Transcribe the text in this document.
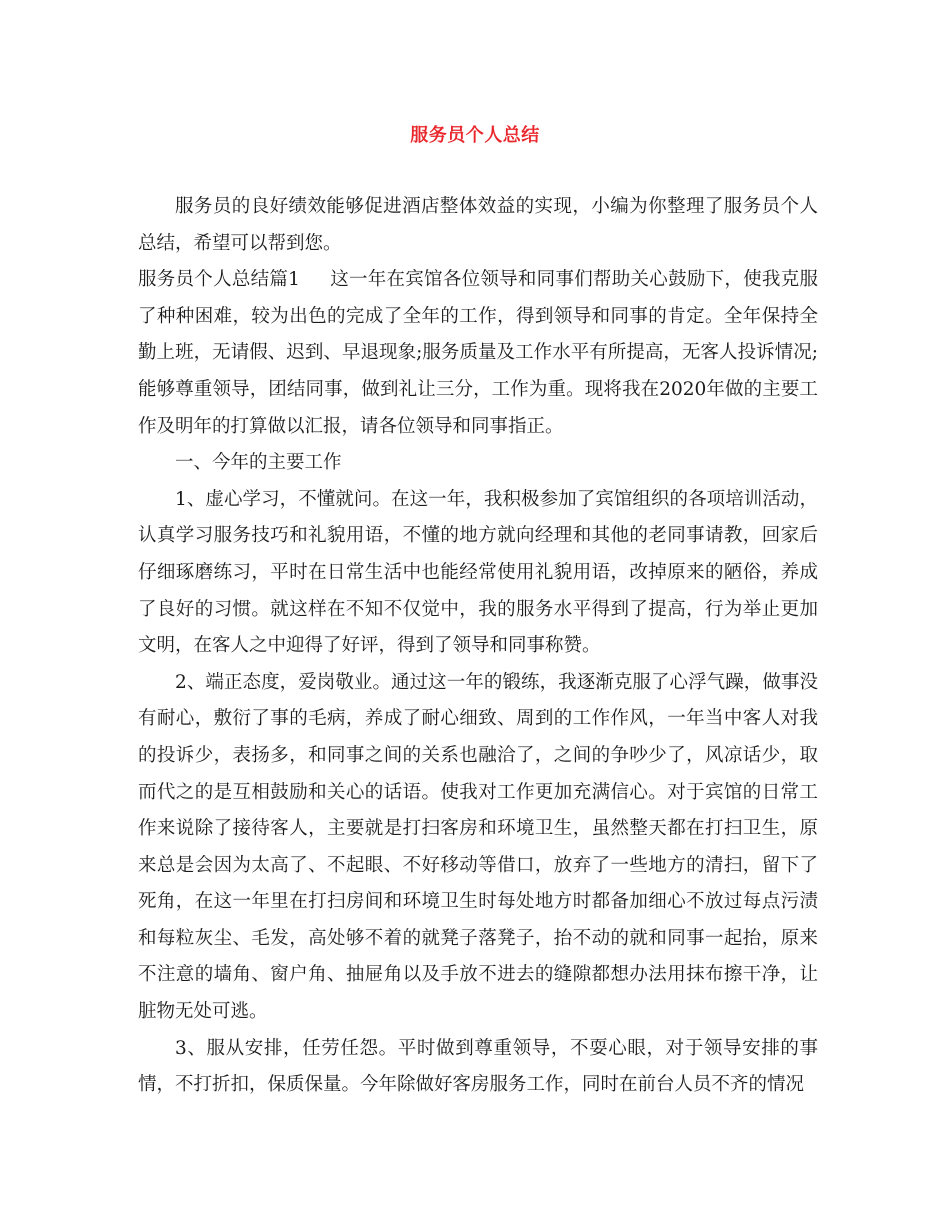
服务员个人总结

服务员的良好绩效能够促进酒店整体效益的实现，小编为你整理了服务员个人总结，希望可以帮到您。

服务员个人总结篇1 这一年在宾馆各位领导和同事们帮助关心鼓励下，使我克服了种种困难，较为出色的完成了全年的工作，得到领导和同事的肯定。全年保持全勤上班，无请假、迟到、早退现象;服务质量及工作水平有所提高，无客人投诉情况;能够尊重领导，团结同事，做到礼让三分，工作为重。现将我在2020年做的主要工作及明年的打算做以汇报，请各位领导和同事指正。

一、今年的主要工作

1、虚心学习，不懂就问。在这一年，我积极参加了宾馆组织的各项培训活动，认真学习服务技巧和礼貌用语，不懂的地方就向经理和其他的老同事请教，回家后仔细琢磨练习，平时在日常生活中也能经常使用礼貌用语，改掉原来的陋俗，养成了良好的习惯。就这样在不知不仅觉中，我的服务水平得到了提高，行为举止更加文明，在客人之中迎得了好评，得到了领导和同事称赞。

2、端正态度，爱岗敬业。通过这一年的锻练，我逐渐克服了心浮气躁，做事没有耐心，敷衍了事的毛病，养成了耐心细致、周到的工作作风，一年当中客人对我的投诉少，表扬多，和同事之间的关系也融洽了，之间的争吵少了，风凉话少，取而代之的是互相鼓励和关心的话语。使我对工作更加充满信心。对于宾馆的日常工作来说除了接待客人，主要就是打扫客房和环境卫生，虽然整天都在打扫卫生，原来总是会因为太高了、不起眼、不好移动等借口，放弃了一些地方的清扫，留下了死角，在这一年里在打扫房间和环境卫生时每处地方时都备加细心不放过每点污渍和每粒灰尘、毛发，高处够不着的就凳子落凳子，抬不动的就和同事一起抬，原来不注意的墙角、窗户角、抽屉角以及手放不进去的缝隙都想办法用抹布擦干净，让脏物无处可逃。

3、服从安排，任劳任怨。平时做到尊重领导，不耍心眼，对于领导安排的事情，不打折扣，保质保量。今年除做好客房服务工作，同时在前台人员不齐的情况
